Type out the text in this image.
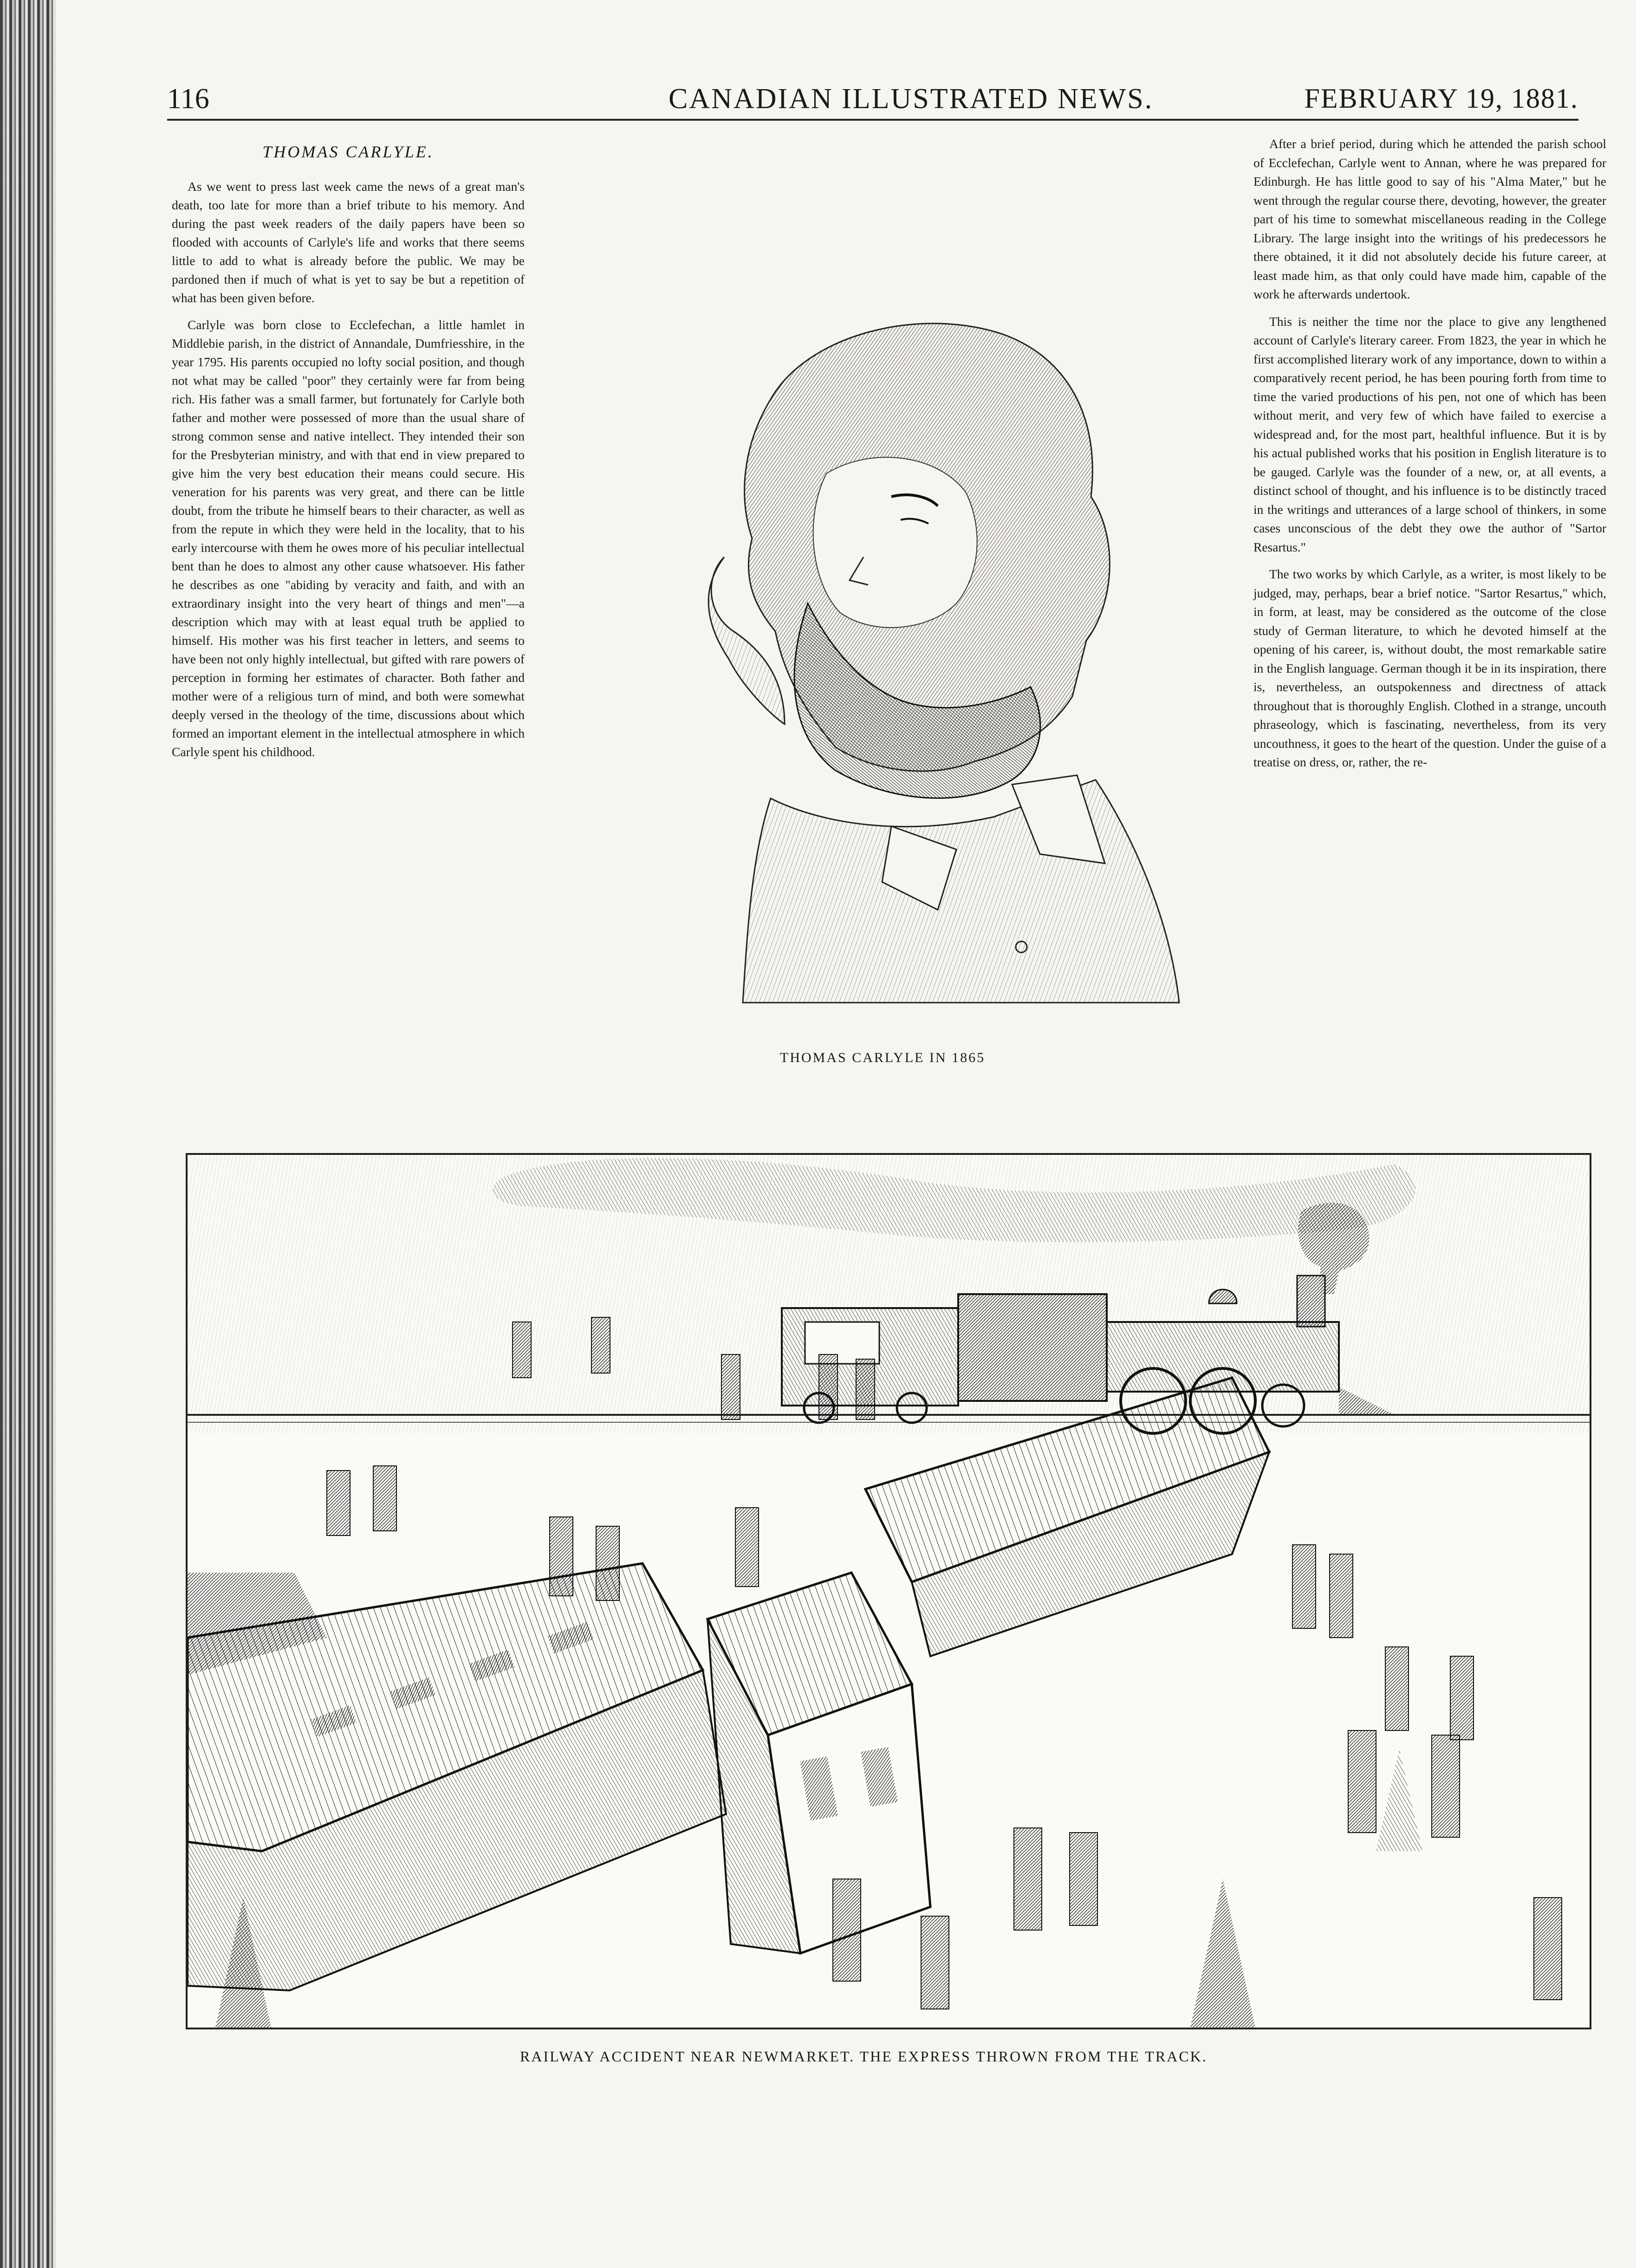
116	CANADIAN ILLUSTRATED NEWS.	FEBRUARY 19, 1881.
THOMAS CARLYLE.

As we went to press last week came the news of a great man's death, too late for more than a brief tribute to his memory. And during the past week readers of the daily papers have been so flooded with accounts of Carlyle's life and works that there seems little to add to what is already before the public. We may be pardoned then if much of what is yet to say be but a repetition of what has been given before.

Carlyle was born close to Ecclefechan, a little hamlet in Middlebie parish, in the district of Annandale, Dumfriesshire, in the year 1795. His parents occupied no lofty social position, and though not what may be called "poor" they certainly were far from being rich. His father was a small farmer, but fortunately for Carlyle both father and mother were possessed of more than the usual share of strong common sense and native intellect. They intended their son for the Presbyterian ministry, and with that end in view prepared to give him the very best education their means could secure. His veneration for his parents was very great, and there can be little doubt, from the tribute he himself bears to their character, as well as from the repute in which they were held in the locality, that to his early intercourse with them he owes more of his peculiar intellectual bent than he does to almost any other cause whatsoever. His father he describes as one "abiding by veracity and faith, and with an extraordinary insight into the very heart of things and men"—a description which may with at least equal truth be applied to himself. His mother was his first teacher in letters, and seems to have been not only highly intellectual, but gifted with rare powers of perception in forming her estimates of character. Both father and mother were of a religious turn of mind, and both were somewhat deeply versed in the theology of the time, discussions about which formed an important element in the intellectual atmosphere in which Carlyle spent his childhood.

THOMAS CARLYLE IN 1865

After a brief period, during which he attended the parish school of Ecclefechan, Carlyle went to Annan, where he was prepared for Edinburgh. He has little good to say of his "Alma Mater," but he went through the regular course there, devoting, however, the greater part of his time to somewhat miscellaneous reading in the College Library. The large insight into the writings of his predecessors he there obtained, it it did not absolutely decide his future career, at least made him, as that only could have made him, capable of the work he afterwards undertook.

This is neither the time nor the place to give any lengthened account of Carlyle's literary career. From 1823, the year in which he first accomplished literary work of any importance, down to within a comparatively recent period, he has been pouring forth from time to time the varied productions of his pen, not one of which has been without merit, and very few of which have failed to exercise a widespread and, for the most part, healthful influence. But it is by his actual published works that his position in English literature is to be gauged. Carlyle was the founder of a new, or, at all events, a distinct school of thought, and his influence is to be distinctly traced in the writings and utterances of a large school of thinkers, in some cases unconscious of the debt they owe the author of "Sartor Resartus."

The two works by which Carlyle, as a writer, is most likely to be judged, may, perhaps, bear a brief notice. "Sartor Resartus," which, in form, at least, may be considered as the outcome of the close study of German literature, to which he devoted himself at the opening of his career, is, without doubt, the most remarkable satire in the English language. German though it be in its inspiration, there is, nevertheless, an outspokenness and directness of attack throughout that is thoroughly English. Clothed in a strange, uncouth phraseology, which is fascinating, nevertheless, from its very uncouthness, it goes to the heart of the question. Under the guise of a treatise on dress, or, rather, the re-

RAILWAY ACCIDENT NEAR NEWMARKET. THE EXPRESS THROWN FROM THE TRACK.
